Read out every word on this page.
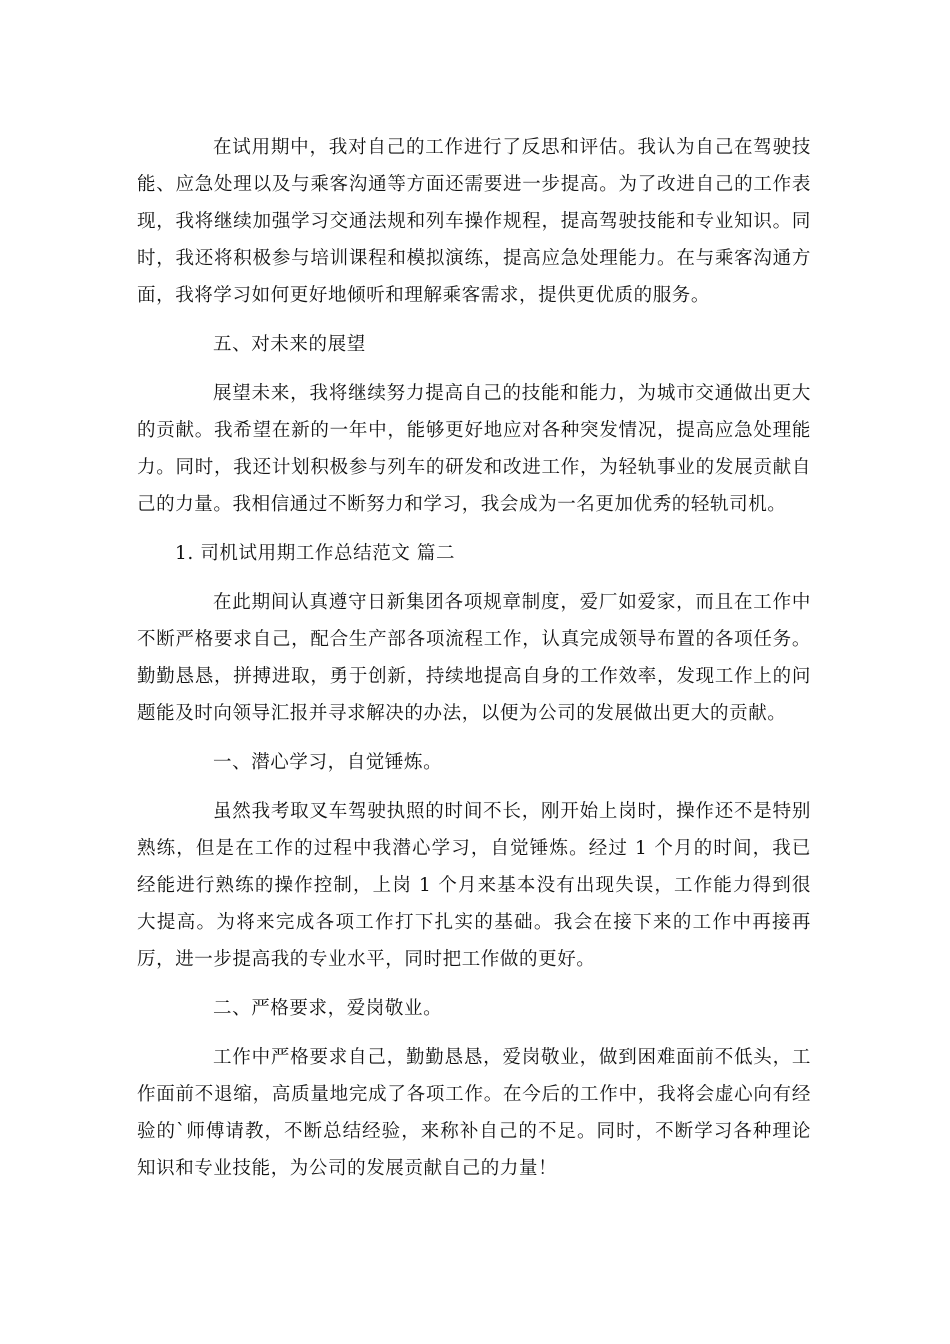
在试用期中，我对自己的工作进行了反思和评估。我认为自己在驾驶技能、应急处理以及与乘客沟通等方面还需要进一步提高。为了改进自己的工作表现，我将继续加强学习交通法规和列车操作规程，提高驾驶技能和专业知识。同时，我还将积极参与培训课程和模拟演练，提高应急处理能力。在与乘客沟通方面，我将学习如何更好地倾听和理解乘客需求，提供更优质的服务。

五、对未来的展望

展望未来，我将继续努力提高自己的技能和能力，为城市交通做出更大的贡献。我希望在新的一年中，能够更好地应对各种突发情况，提高应急处理能力。同时，我还计划积极参与列车的研发和改进工作，为轻轨事业的发展贡献自己的力量。我相信通过不断努力和学习，我会成为一名更加优秀的轻轨司机。

1. 司机试用期工作总结范文 篇二

在此期间认真遵守日新集团各项规章制度，爱厂如爱家，而且在工作中不断严格要求自己，配合生产部各项流程工作，认真完成领导布置的各项任务。勤勤恳恳，拼搏进取，勇于创新，持续地提高自身的工作效率，发现工作上的问题能及时向领导汇报并寻求解决的办法，以便为公司的发展做出更大的贡献。

一、潜心学习，自觉锤炼。

虽然我考取叉车驾驶执照的时间不长，刚开始上岗时，操作还不是特别熟练，但是在工作的过程中我潜心学习，自觉锤炼。经过 1 个月的时间，我已经能进行熟练的操作控制，上岗 1 个月来基本没有出现失误，工作能力得到很大提高。为将来完成各项工作打下扎实的基础。我会在接下来的工作中再接再厉，进一步提高我的专业水平，同时把工作做的更好。

二、严格要求，爱岗敬业。

工作中严格要求自己，勤勤恳恳，爱岗敬业，做到困难面前不低头，工作面前不退缩，高质量地完成了各项工作。在今后的工作中，我将会虚心向有经验的`师傅请教，不断总结经验，来称补自己的不足。同时，不断学习各种理论知识和专业技能，为公司的发展贡献自己的力量！
